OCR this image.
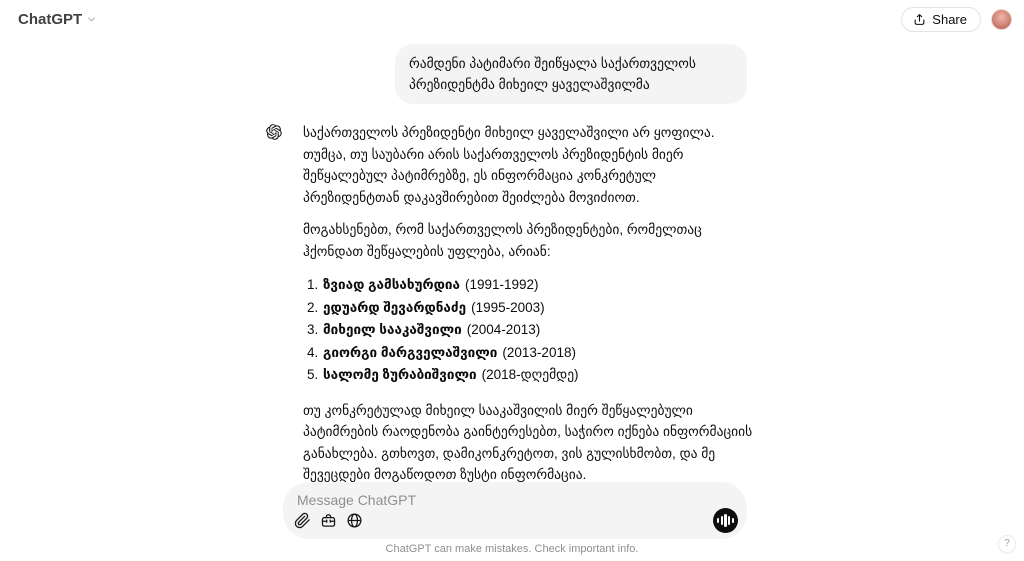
ChatGPT	Share
რამდენი პატიმარი შეიწყალა საქართველოს პრეზიდენტმა მიხეილ ყაველაშვილმა

საქართველოს პრეზიდენტი მიხეილ ყაველაშვილი არ ყოფილა. თუმცა, თუ საუბარი არის საქართველოს პრეზიდენტის მიერ შეწყალებულ პატიმრებზე, ეს ინფორმაცია კონკრეტულ პრეზიდენტთან დაკავშირებით შეიძლება მოვიძიოთ.

მოგახსენებთ, რომ საქართველოს პრეზიდენტები, რომელთაც ჰქონდათ შეწყალების უფლება, არიან:

1. ზვიად გამსახურდია (1991-1992)
2. ედუარდ შევარდნაძე (1995-2003)
3. მიხეილ სააკაშვილი (2004-2013)
4. გიორგი მარგველაშვილი (2013-2018)
5. სალომე ზურაბიშვილი (2018-დღემდე)

თუ კონკრეტულად მიხეილ სააკაშვილის მიერ შეწყალებული პატიმრების რაოდენობა გაინტერესებთ, საჭირო იქნება ინფორმაციის განახლება. გთხოვთ, დამიკონკრეტოთ, ვის გულისხმობთ, და მე შევეცდები მოგაწოდოთ ზუსტი ინფორმაცია.

Message ChatGPT
ChatGPT can make mistakes. Check important info.	?
